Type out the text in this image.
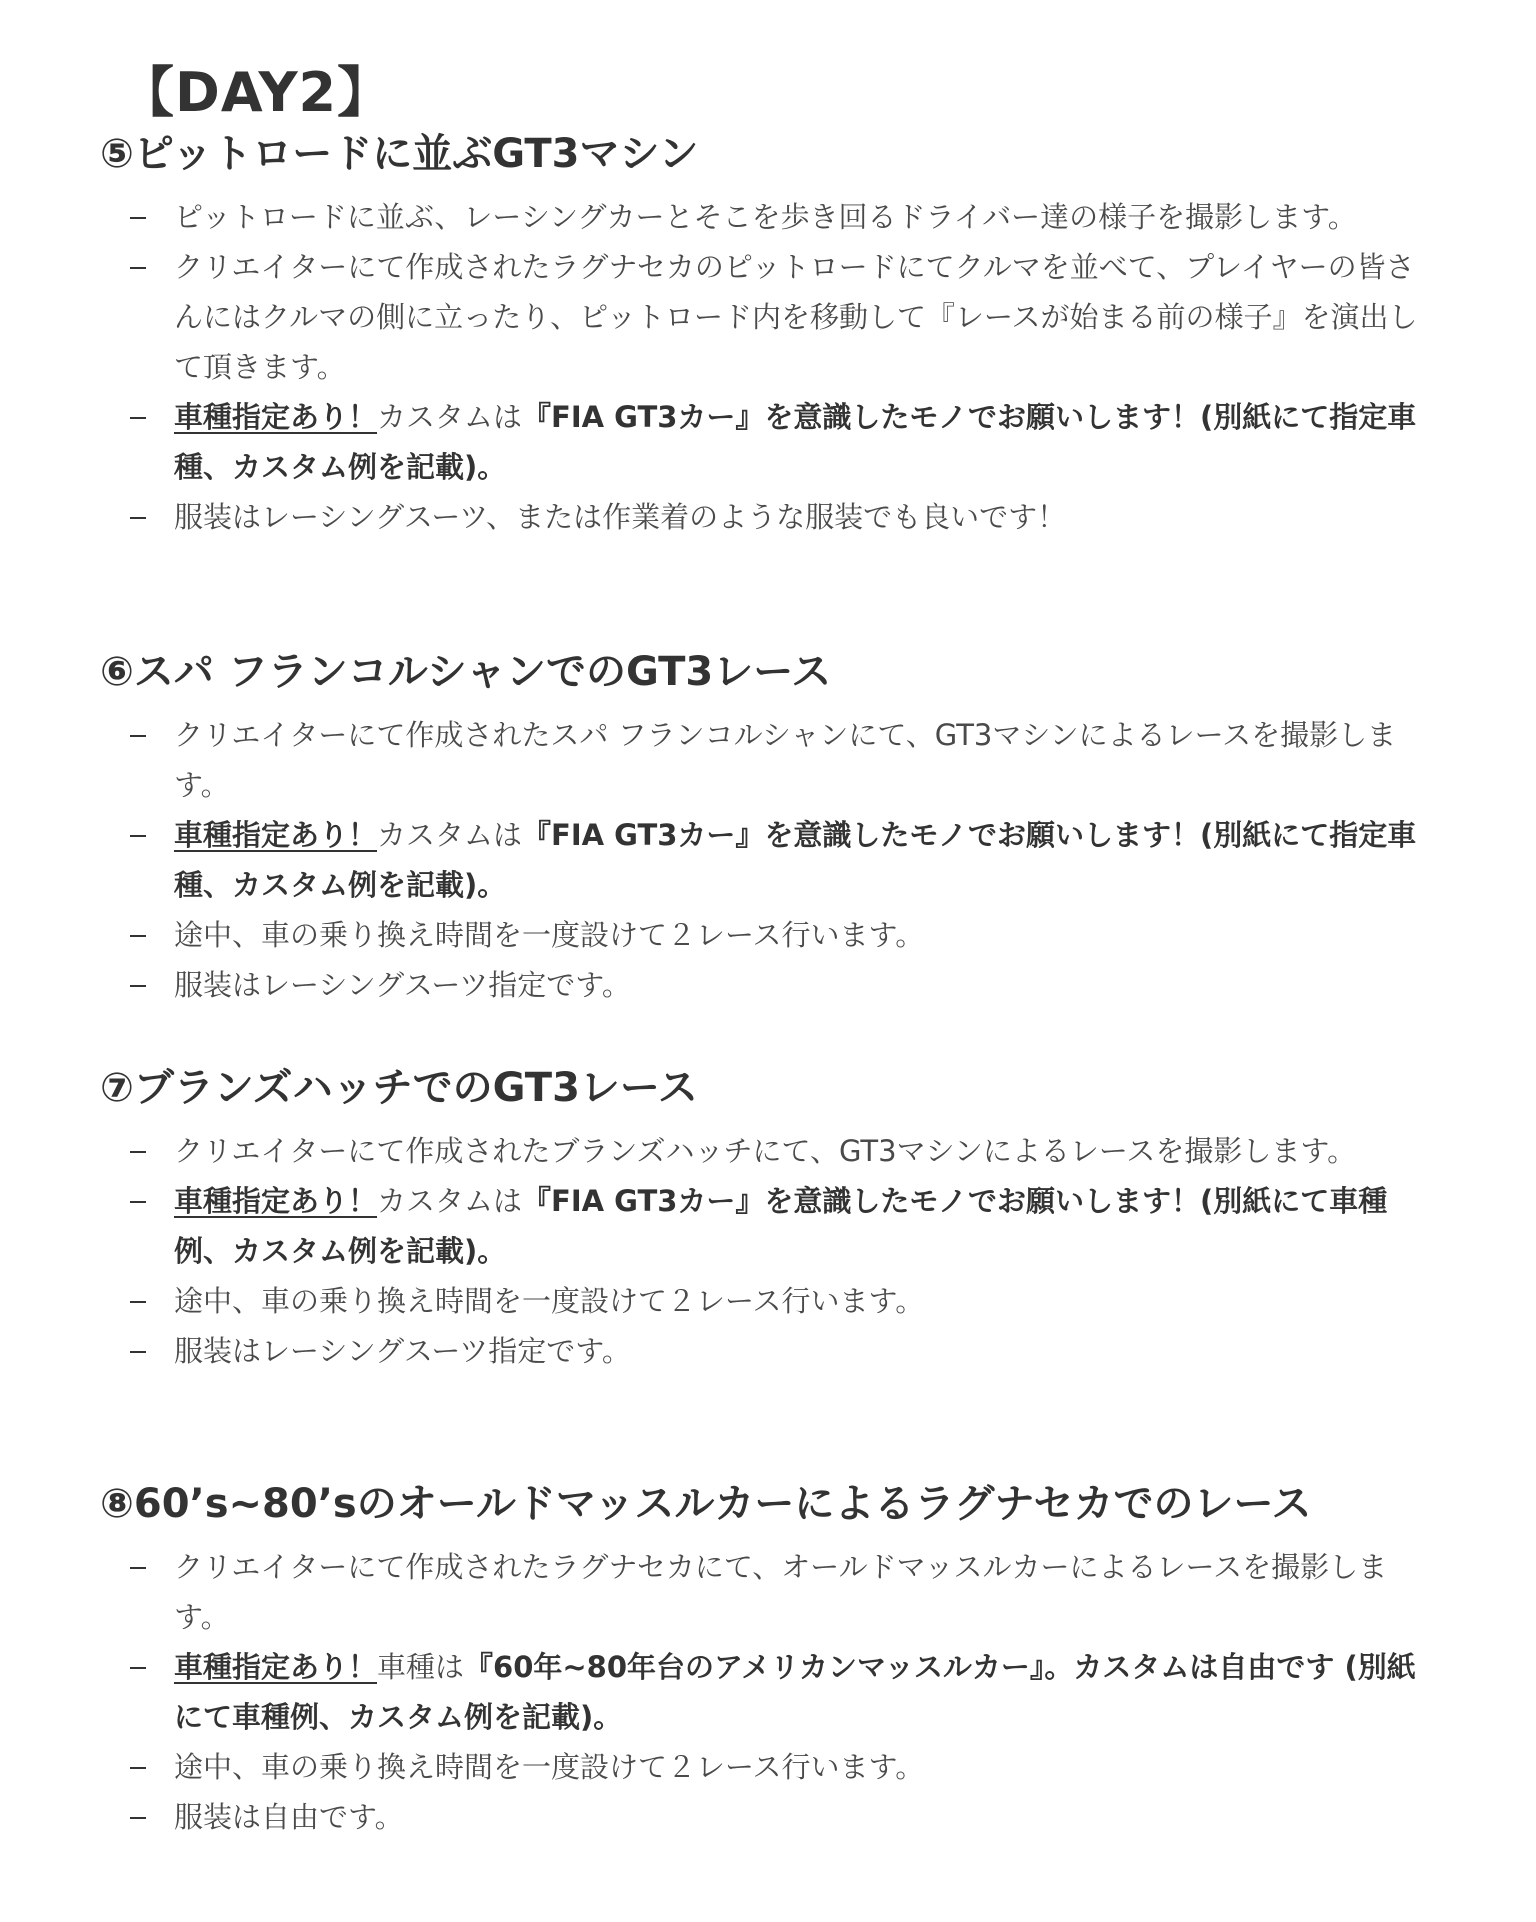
【DAY2】
⑤ピットロードに並ぶGT3マシン
ピットロードに並ぶ、レーシングカーとそこを歩き回るドライバー達の様子を撮影します。
クリエイターにて作成されたラグナセカのピットロードにてクルマを並べて、プレイヤーの皆さんにはクルマの側に立ったり、ピットロード内を移動して『レースが始まる前の様子』を演出して頂きます。
車種指定あり！カスタムは『FIA GT3カー』を意識したモノでお願いします！(別紙にて指定車種、カスタム例を記載)。
服装はレーシングスーツ、または作業着のような服装でも良いです！
⑥スパ フランコルシャンでのGT3レース
クリエイターにて作成されたスパ フランコルシャンにて、GT3マシンによるレースを撮影します。
車種指定あり！カスタムは『FIA GT3カー』を意識したモノでお願いします！(別紙にて指定車種、カスタム例を記載)。
途中、車の乗り換え時間を一度設けて２レース行います。
服装はレーシングスーツ指定です。
⑦ブランズハッチでのGT3レース
クリエイターにて作成されたブランズハッチにて、GT3マシンによるレースを撮影します。
車種指定あり！カスタムは『FIA GT3カー』を意識したモノでお願いします！(別紙にて車種例、カスタム例を記載)。
途中、車の乗り換え時間を一度設けて２レース行います。
服装はレーシングスーツ指定です。
⑧60’s~80’sのオールドマッスルカーによるラグナセカでのレース
クリエイターにて作成されたラグナセカにて、オールドマッスルカーによるレースを撮影します。
車種指定あり！車種は『60年~80年台のアメリカンマッスルカー』。カスタムは自由です (別紙にて車種例、カスタム例を記載)。
途中、車の乗り換え時間を一度設けて２レース行います。
服装は自由です。
